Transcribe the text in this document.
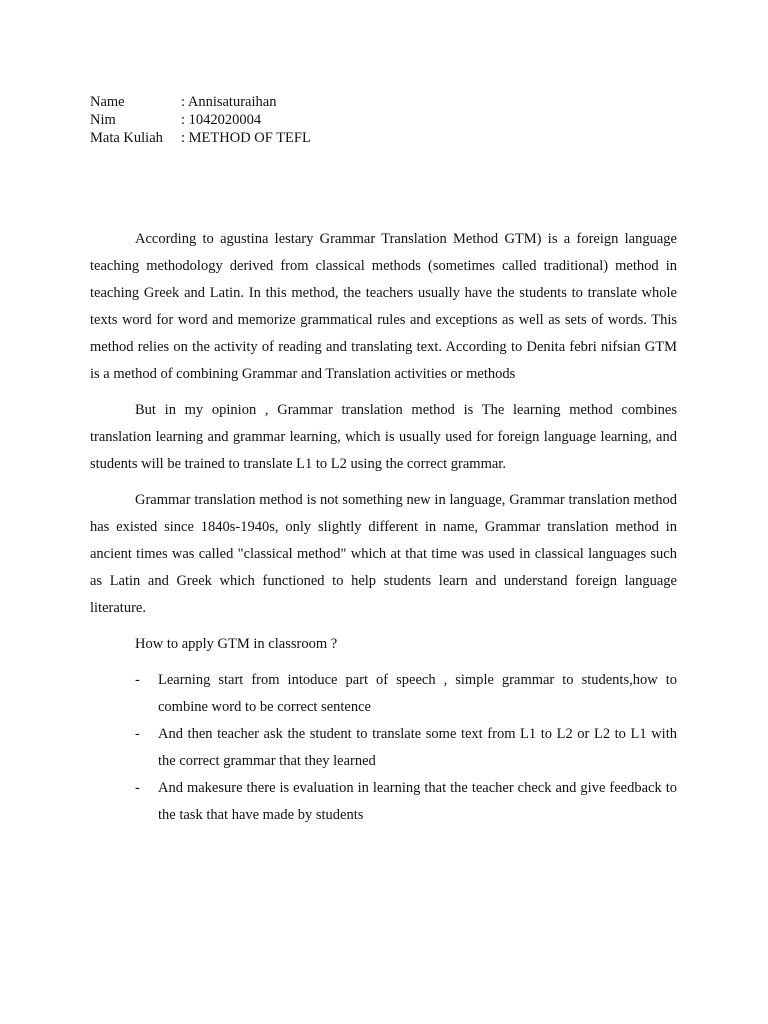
Name	: Annisaturaihan
Nim	: 1042020004
Mata Kuliah	: METHOD OF TEFL

According to agustina lestary Grammar Translation Method GTM) is a foreign language teaching methodology derived from classical methods (sometimes called traditional) method in teaching Greek and Latin. In this method, the teachers usually have the students to translate whole texts word for word and memorize grammatical rules and exceptions as well as sets of words. This method relies on the activity of reading and translating text. According to Denita febri nifsian GTM is a method of combining Grammar and Translation activities or methods

But in my opinion , Grammar translation method is The learning method combines translation learning and grammar learning, which is usually used for foreign language learning, and students will be trained to translate L1 to L2 using the correct grammar.

Grammar translation method is not something new in language, Grammar translation method has existed since 1840s-1940s, only slightly different in name, Grammar translation method in ancient times was called "classical method" which at that time was used in classical languages such as Latin and Greek which functioned to help students learn and understand foreign language literature.

How to apply GTM in classroom ?

- Learning start from intoduce part of speech , simple grammar to students,how to combine word to be correct sentence
- And then teacher ask the student to translate some text from L1 to L2 or L2 to L1 with the correct grammar that they learned
- And makesure there is evaluation in learning that the teacher check and give feedback to the task that have made by students
